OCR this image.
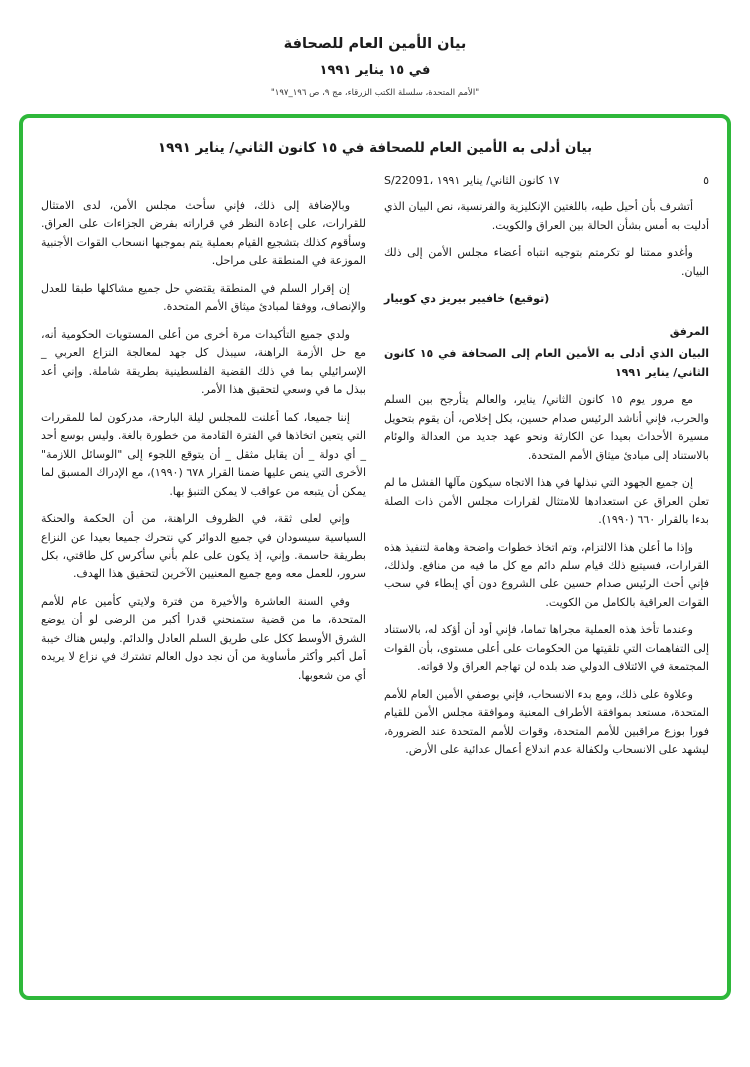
بيان الأمين العام للصحافة
في ١٥ يناير ١٩٩١
"الأمم المتحدة، سلسلة الكتب الزرقاء، مج ٩، ص ١٩٦_١٩٧"
بيان أدلى به الأمين العام للصحافة في ١٥ كانون الثاني/ يناير ١٩٩١
S/22091، ١٧ كانون الثاني/ يناير ١٩٩١	٥

أتشرف بأن أحيل طيه، باللغتين الإنكليزية والفرنسية، نص البيان الذي أدليت به أمس بشأن الحالة بين العراق والكويت.

وأغدو ممتنا لو تكرمتم بتوجيه انتباه أعضاء مجلس الأمن إلى ذلك البيان.

(توقيع) خافيير بيريز دي كوييار

المرفق

البيان الذي أدلى به الأمين العام إلى الصحافة في ١٥ كانون الثاني/ يناير ١٩٩١

مع مرور يوم ١٥ كانون الثاني/ يناير، والعالم يتأرجح بين السلم والحرب، فإني أناشد الرئيس صدام حسين، بكل إخلاص، أن يقوم بتحويل مسيرة الأحداث بعيدا عن الكارثة ونحو عهد جديد من العدالة والوئام بالاستناد إلى مبادئ ميثاق الأمم المتحدة.

إن جميع الجهود التي نبذلها في هذا الاتجاه سيكون مآلها الفشل ما لم تعلن العراق عن استعدادها للامتثال لقرارات مجلس الأمن ذات الصلة بدءا بالقرار ٦٦٠ (١٩٩٠).

وإذا ما أعلن هذا الالتزام، وتم اتخاذ خطوات واضحة وهامة لتنفيذ هذه القرارات، فسيتبع ذلك قيام سلم دائم مع كل ما فيه من منافع. ولذلك، فإني أحث الرئيس صدام حسين على الشروع دون أي إبطاء في سحب القوات العراقية بالكامل من الكويت.

وعندما تأخذ هذه العملية مجراها تماما، فإني أود أن أؤكد له، بالاستناد إلى التفاهمات التي تلقيتها من الحكومات على أعلى مستوى، بأن القوات المجتمعة في الائتلاف الدولي ضد بلده لن تهاجم العراق ولا قواته.

وعلاوة على ذلك، ومع بدء الانسحاب، فإني بوصفي الأمين العام للأمم المتحدة، مستعد بموافقة الأطراف المعنية وموافقة مجلس الأمن للقيام فورا بوزع مراقبين للأمم المتحدة، وقوات للأمم المتحدة عند الضرورة، ليشهد على الانسحاب ولكفالة عدم اندلاع أعمال عدائية على الأرض.

وبالإضافة إلى ذلك، فإني سأحث مجلس الأمن، لدى الامتثال للقرارات، على إعادة النظر في قراراته بفرض الجزاءات على العراق. وسأقوم كذلك بتشجيع القيام بعملية يتم بموجبها انسحاب القوات الأجنبية الموزعة في المنطقة على مراحل.

إن إقرار السلم في المنطقة يقتضي حل جميع مشاكلها طبقا للعدل والإنصاف، ووفقا لمبادئ ميثاق الأمم المتحدة.

ولدي جميع التأكيدات مرة أخرى من أعلى المستويات الحكومية أنه، مع حل الأزمة الراهنة، سيبذل كل جهد لمعالجة النزاع العربي _ الإسرائيلي بما في ذلك القضية الفلسطينية بطريقة شاملة. وإني أعد ببذل ما في وسعي لتحقيق هذا الأمر.

إننا جميعا، كما أعلنت للمجلس ليلة البارحة، مدركون لما للمقررات التي يتعين اتخاذها في الفترة القادمة من خطورة بالغة. وليس بوسع أحد _ أي دولة _ أن يقابل مثقل _ أن يتوقع اللجوء إلى "الوسائل اللازمة" الأخرى التي ينص عليها ضمنا القرار ٦٧٨ (١٩٩٠)، مع الإدراك المسبق لما يمكن أن يتبعه من عواقب لا يمكن التنبؤ بها.

وإني لعلى ثقة، في الظروف الراهنة، من أن الحكمة والحنكة السياسية سيسودان في جميع الدوائر كي نتحرك جميعا بعيدا عن النزاع بطريقة حاسمة. وإني، إذ يكون على علم بأني سأكرس كل طاقتي، بكل سرور، للعمل معه ومع جميع المعنيين الآخرين لتحقيق هذا الهدف.

وفي السنة العاشرة والأخيرة من فترة ولايتي كأمين عام للأمم المتحدة، ما من قضية ستمنحني قدرا أكبر من الرضى لو أن يوضع الشرق الأوسط ككل على طريق السلم العادل والدائم. وليس هناك خيبة أمل أكبر وأكثر مأساوية من أن نجد دول العالم تشترك في نزاع لا يريده أي من شعوبها.
